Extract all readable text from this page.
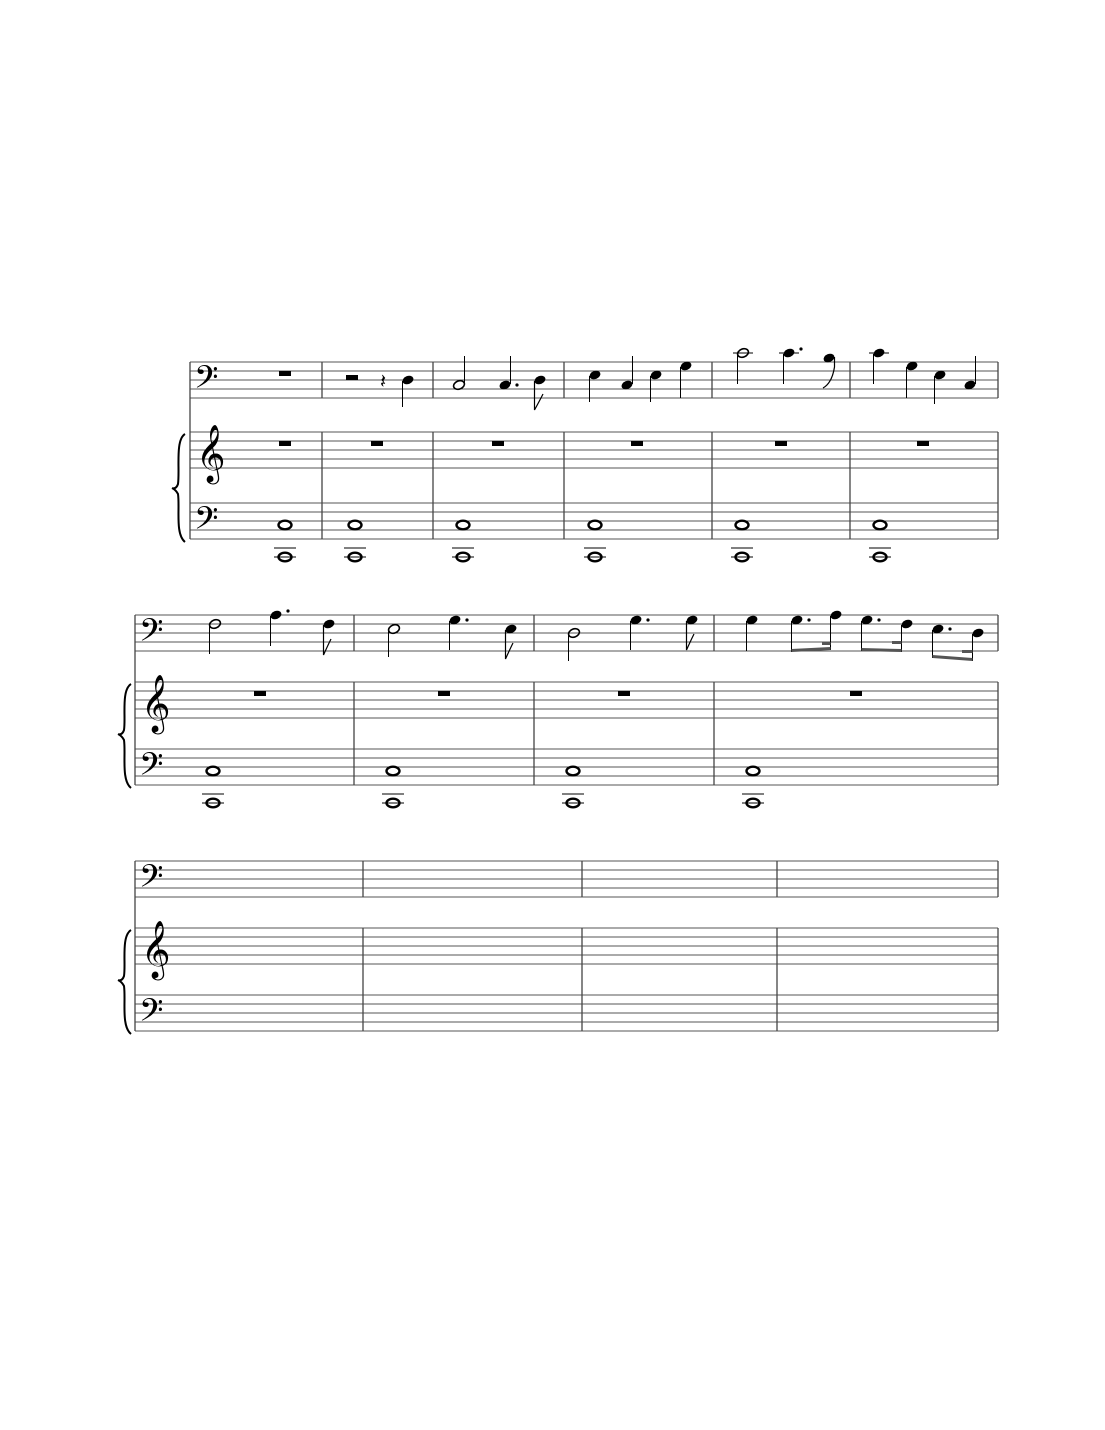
𝄢
𝄞
𝄢
𝄽
𝄢
𝄞
𝄢
𝄢
𝄞
𝄢
